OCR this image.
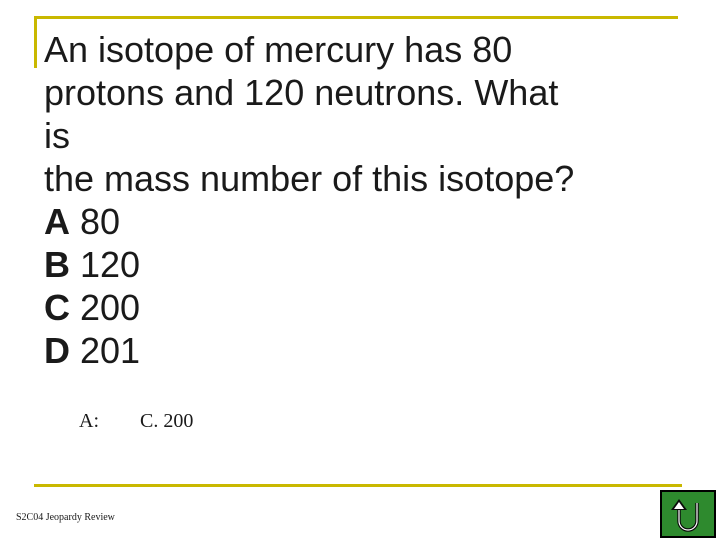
An isotope of mercury has 80
protons and 120 neutrons. What
is
the mass number of this isotope?
A 80
B 120
C 200
D 201
A: C. 200
S2C04 Jeopardy Review
